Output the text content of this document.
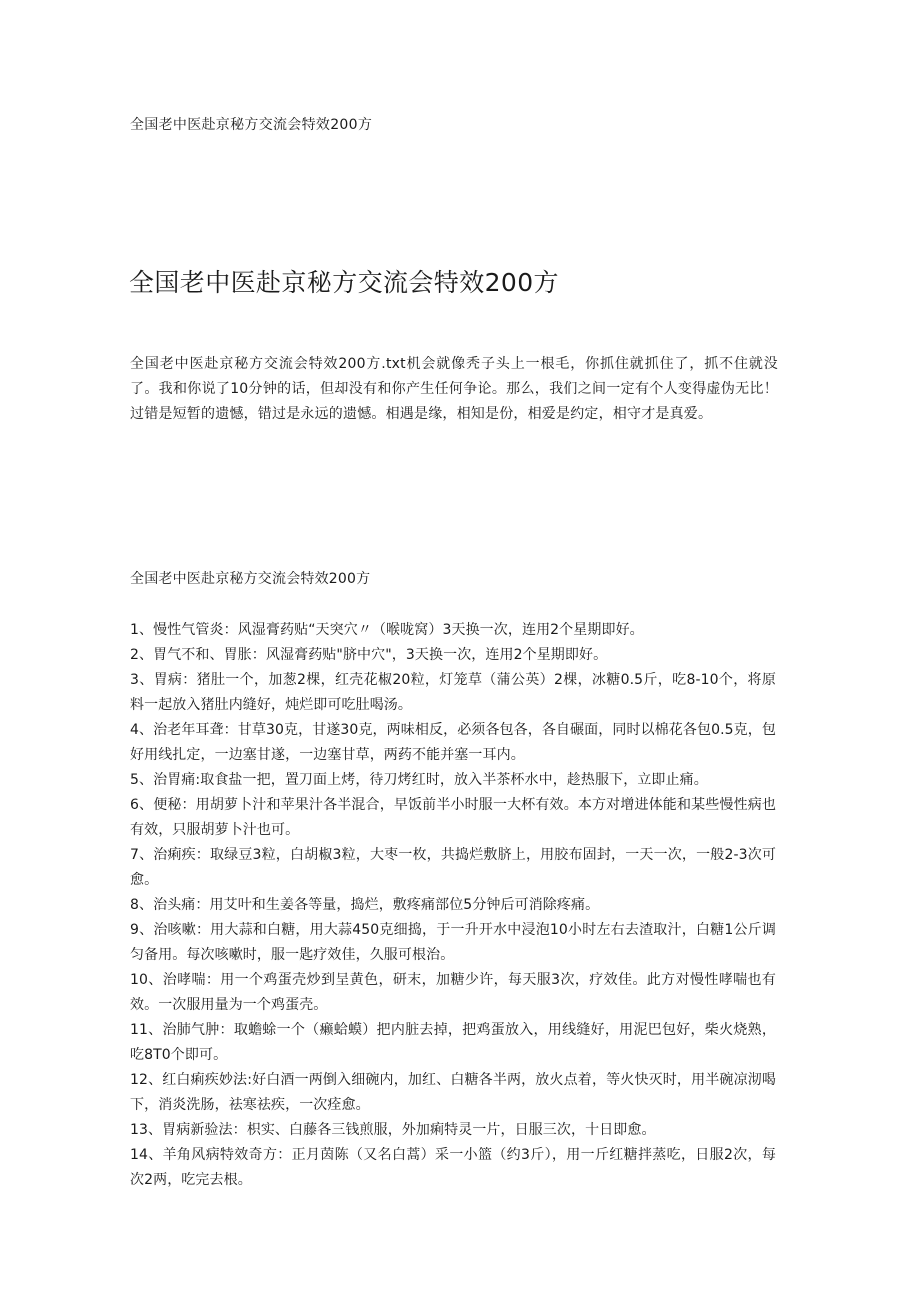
全国老中医赴京秘方交流会特效200方
全国老中医赴京秘方交流会特效200方

全国老中医赴京秘方交流会特效200方.txt机会就像秃子头上一根毛，你抓住就抓住了，抓不住就没了。我和你说了10分钟的话，但却没有和你产生任何争论。那么，我们之间一定有个人变得虚伪无比！过错是短暂的遗憾，错过是永远的遗憾。相遇是缘，相知是份，相爱是约定，相守才是真爱。

全国老中医赴京秘方交流会特效200方
1、慢性气管炎：风湿膏药贴“天突穴〃（喉咙窝）3天换一次，连用2个星期即好。
2、胃气不和、胃胀：风湿膏药贴"脐中穴"，3天换一次，连用2个星期即好。
3、胃病：猪肚一个，加葱2棵，红壳花椒20粒，灯笼草（蒲公英）2棵，冰糖0.5斤，吃8-10个，将原料一起放入猪肚内缝好，炖烂即可吃肚喝汤。
4、治老年耳聋：甘草30克，甘遂30克，两味相反，必须各包各，各自碾面，同时以棉花各包0.5克，包好用线扎定，一边塞甘遂，一边塞甘草，两药不能并塞一耳内。
5、治胃痛:取食盐一把，置刀面上烤，待刀烤红时，放入半茶杯水中，趁热服下，立即止痛。
6、便秘：用胡萝卜汁和苹果汁各半混合，早饭前半小时服一大杯有效。本方对增进体能和某些慢性病也有效，只服胡萝卜汁也可。
7、治痢疾：取绿豆3粒，白胡椒3粒，大枣一枚，共捣烂敷脐上，用胶布固封，一天一次，一般2-3次可愈。
8、治头痛：用艾叶和生姜各等量，捣烂，敷疼痛部位5分钟后可消除疼痛。
9、治咳嗽：用大蒜和白糖，用大蒜450克细捣，于一升开水中浸泡10小时左右去渣取汁，白糖1公斤调匀备用。每次咳嗽时，服一匙疗效佳，久服可根治。
10、治哮喘：用一个鸡蛋壳炒到呈黄色，研末，加糖少许，每天服3次，疗效佳。此方对慢性哮喘也有效。一次服用量为一个鸡蛋壳。
11、治肺气肿：取蟾蜍一个（癞蛤蟆）把内脏去掉，把鸡蛋放入，用线缝好，用泥巴包好，柴火烧熟，吃8T0个即可。
12、红白痢疾妙法:好白酒一两倒入细碗内，加红、白糖各半两，放火点着，等火快灭时，用半碗凉沏喝下，消炎洗肠，祛寒祛疾，一次痊愈。
13、胃病新验法：枳实、白藤各三钱煎服，外加痢特灵一片，日服三次，十日即愈。
14、羊角风病特效奇方：正月茵陈（又名白蒿）采一小篮（约3斤），用一斤红糖拌蒸吃，日服2次，每次2两，吃完去根。
